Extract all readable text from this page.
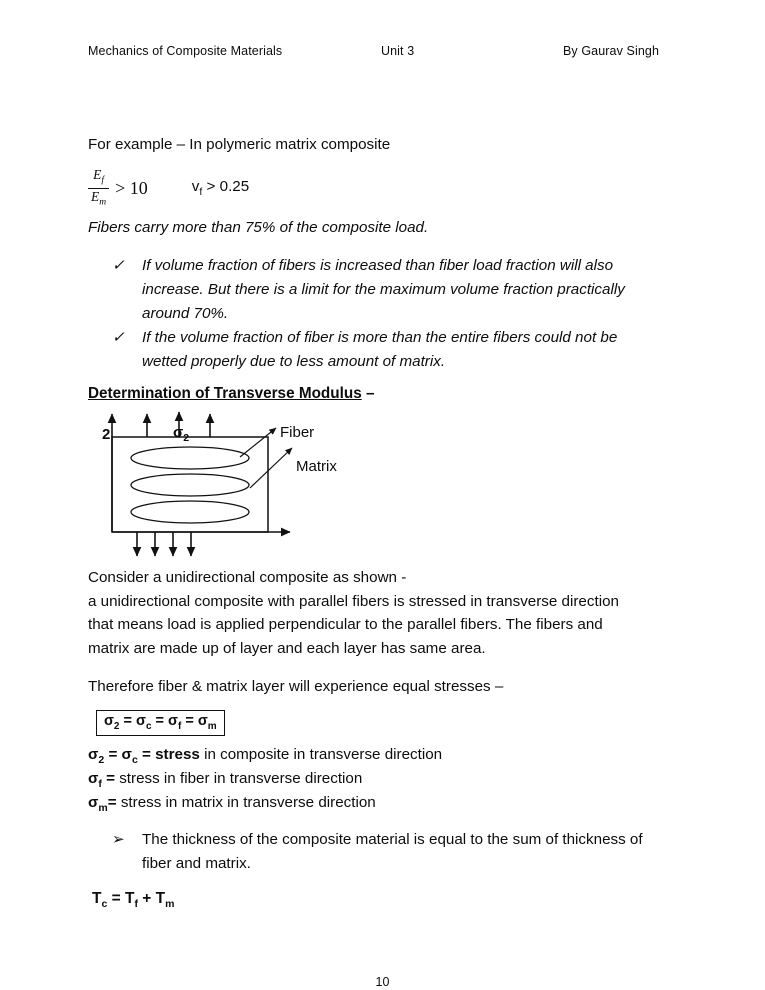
Mechanics of Composite Materials	Unit 3	By Gaurav Singh
For example – In polymeric matrix composite
$\frac{E_f}{E_m} > 10$	$v_f > 0.25$
Fibers carry more than 75% of the composite load.
✓	If volume fraction of fibers is increased than fiber load fraction will also
increase. But there is a limit for the maximum volume fraction practically
around 70%.
✓	If the volume fraction of fiber is more than the entire fibers could not be
wetted properly due to less amount of matrix.
Determination of Transverse Modulus –
2	$\sigma_2$	Fiber
Matrix
Consider a unidirectional composite as shown -
a unidirectional composite with parallel fibers is stressed in transverse direction
that means load is applied perpendicular to the parallel fibers. The fibers and
matrix are made up of layer and each layer has same area.
Therefore fiber & matrix layer will experience equal stresses –
$\sigma_2 = \sigma_c = \sigma_f = \sigma_m$
$\sigma_2 = \sigma_c$ = stress in composite in transverse direction
$\sigma_f$ = stress in fiber in transverse direction
$\sigma_m=$ stress in matrix in transverse direction
➢	The thickness of the composite material is equal to the sum of thickness of
fiber and matrix.
$T_c = T_f + T_m$
10
